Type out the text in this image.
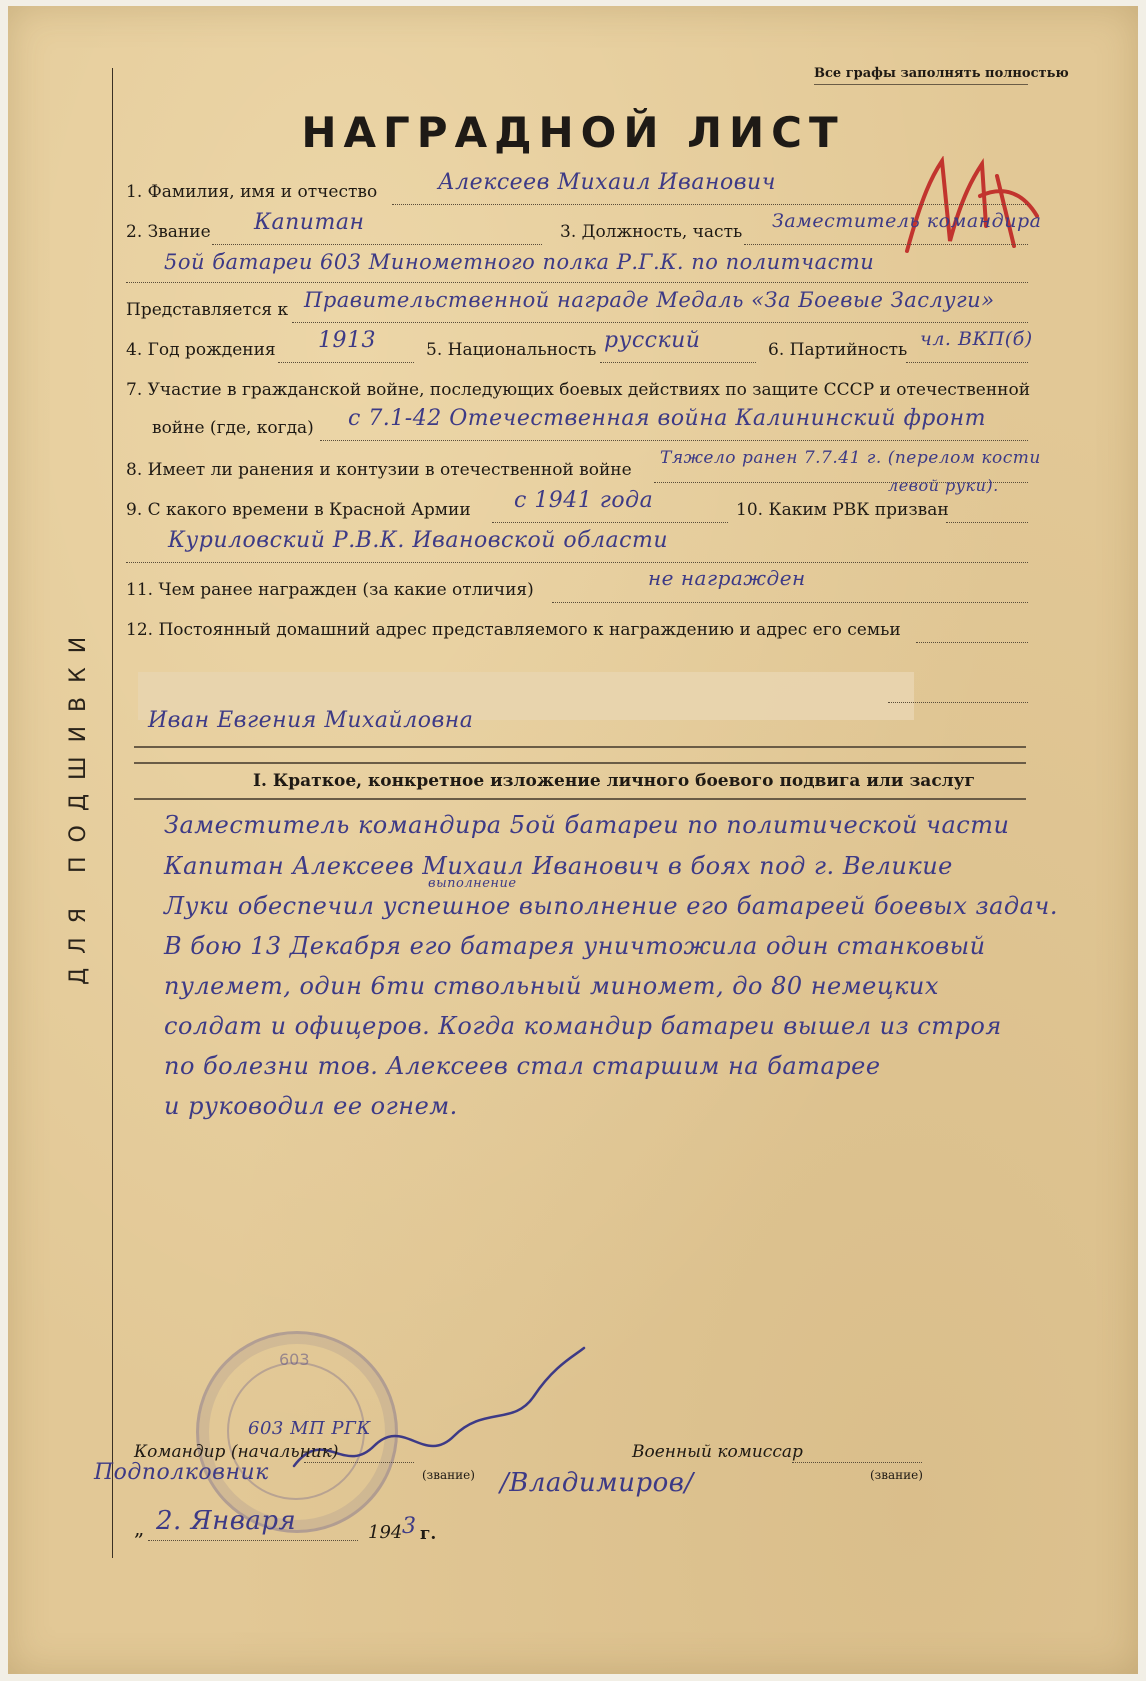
ДЛЯ ПОДШИВКИ
Все графы заполнять полностью
НАГРАДНОЙ ЛИСТ
1. Фамилия, имя и отчество	Алексеев Михаил Иванович
2. Звание Капитан	3. Должность, часть Заместитель командира
5ой батареи 603 Минометного полка Р.Г.К. по политчасти
Представляется к Правительственной награде Медаль «За Боевые Заслуги»
4. Год рождения 1913	5. Национальность русский	6. Партийность чл. ВКП(б)
7. Участие в гражданской войне, последующих боевых действиях по защите СССР и отечественной
войне (где, когда) с 7.1-42 Отечественная война Калининский фронт
8. Имеет ли ранения и контузии в отечественной войне
Тяжело ранен 7.7.41 г. (перелом кости
левой руки).
9. С какого времени в Красной Армии с 1941 года	10. Каким РВК призван
Куриловский Р.В.К. Ивановской области
11. Чем ранее награжден (за какие отличия)	не награжден
12. Постоянный домашний адрес представляемого к награждению и адрес его семьи
Иван Евгения Михайловна
I. Краткое, конкретное изложение личного боевого подвига или заслуг
Заместитель командира 5ой батареи по политической части
Капитан Алексеев Михаил Иванович в боях под г. Великие
выполнение
Луки обеспечил успешное выполнение его батареей боевых задач.
В бою 13 Декабря его батарея уничтожила один станковый
пулемет, один 6ти ствольный миномет, до 80 немецких
солдат и офицеров. Когда командир батареи вышел из строя
по болезни тов. Алексеев стал старшим на батарее
и руководил ее огнем.
603
603 МП РГК
Командир (начальник)
(звание)
Подполковник
Военный комиссар
(звание)
/Владимиров/
„ 2. Января	194 3 г.
